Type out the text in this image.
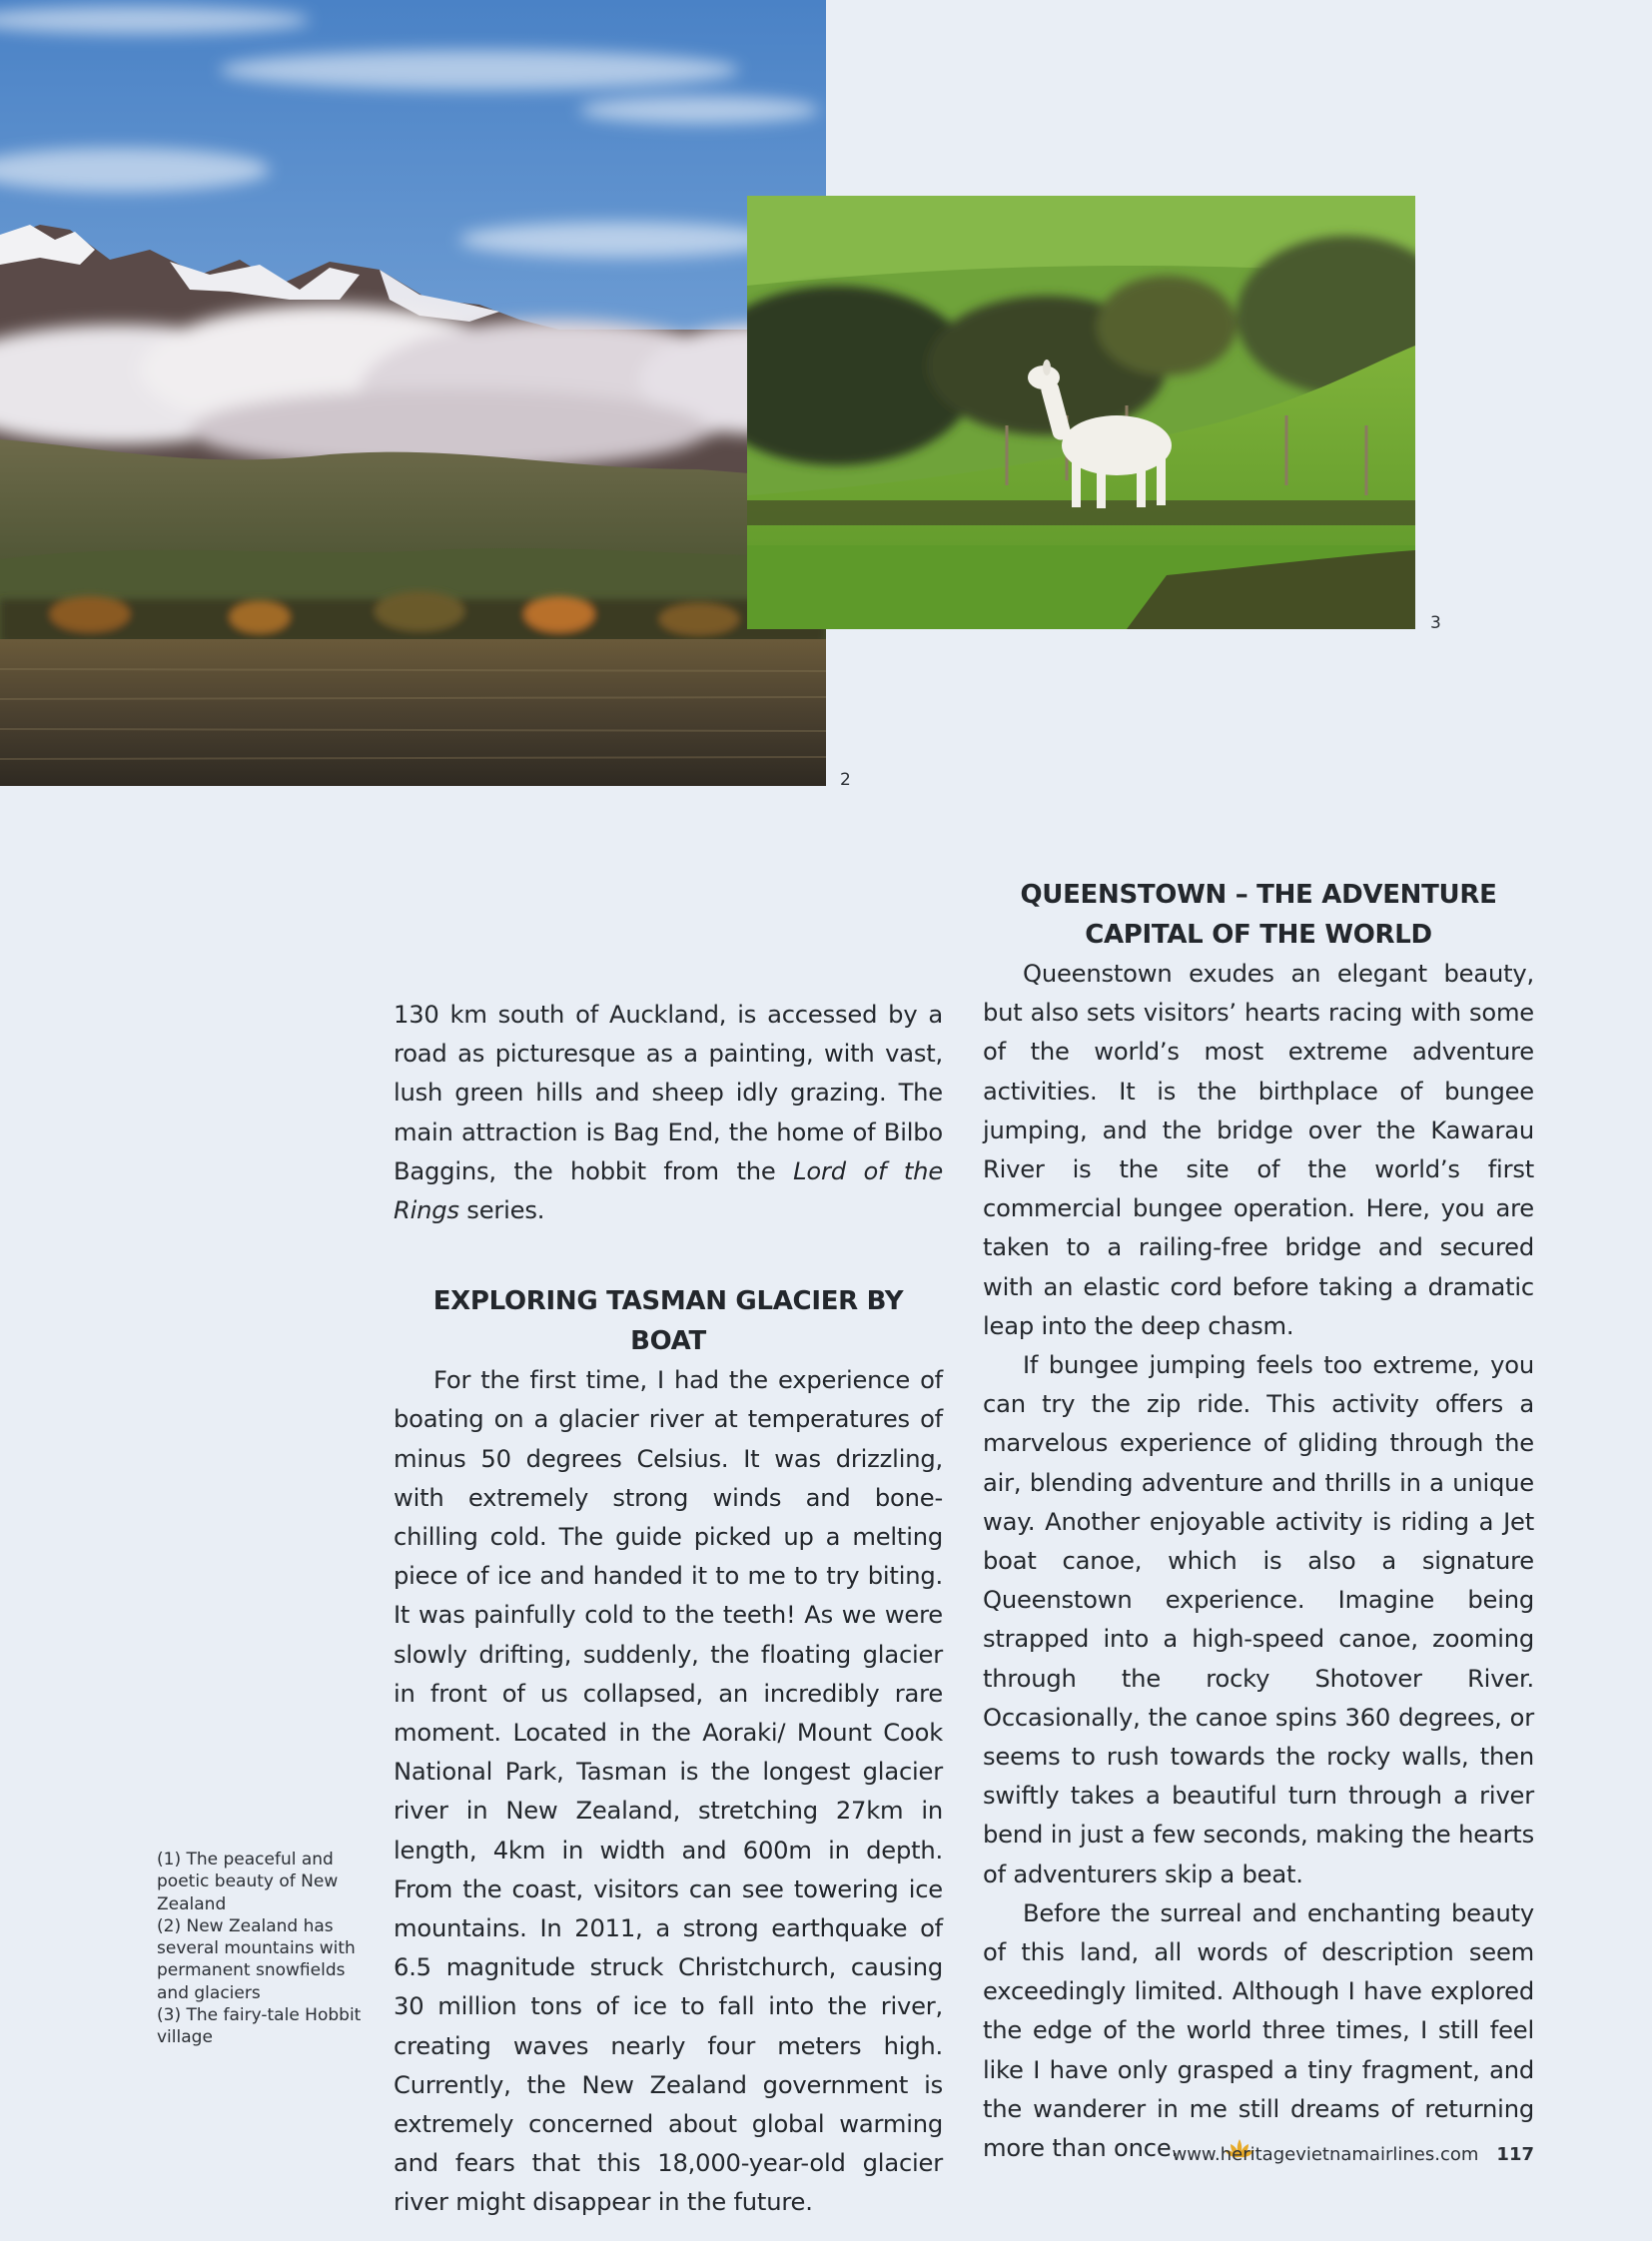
2
3

130 km south of Auckland, is accessed by a road as picturesque as a painting, with vast, lush green hills and sheep idly grazing. The main attraction is Bag End, the home of Bilbo Baggins, the hobbit from the Lord of the Rings series.

EXPLORING TASMAN GLACIER BY BOAT

For the first time, I had the experience of boating on a glacier river at temperatures of minus 50 degrees Celsius. It was drizzling, with extremely strong winds and bone-chilling cold. The guide picked up a melting piece of ice and handed it to me to try biting. It was painfully cold to the teeth! As we were slowly drifting, suddenly, the floating glacier in front of us collapsed, an incredibly rare moment. Located in the Aoraki/ Mount Cook National Park, Tasman is the longest glacier river in New Zealand, stretching 27km in length, 4km in width and 600m in depth. From the coast, visitors can see towering ice mountains. In 2011, a strong earthquake of 6.5 magnitude struck Christchurch, causing 30 million tons of ice to fall into the river, creating waves nearly four meters high. Currently, the New Zealand government is extremely concerned about global warming and fears that this 18,000-year-old glacier river might disappear in the future.

QUEENSTOWN – THE ADVENTURE
CAPITAL OF THE WORLD

Queenstown exudes an elegant beauty, but also sets visitors’ hearts racing with some of the world’s most extreme adventure activities. It is the birthplace of bungee jumping, and the bridge over the Kawarau River is the site of the world’s first commercial bungee operation. Here, you are taken to a railing-free bridge and secured with an elastic cord before taking a dramatic leap into the deep chasm.

If bungee jumping feels too extreme, you can try the zip ride. This activity offers a marvelous experience of gliding through the air, blending adventure and thrills in a unique way. Another enjoyable activity is riding a Jet boat canoe, which is also a signature Queenstown experience. Imagine being strapped into a high-speed canoe, zooming through the rocky Shotover River. Occasionally, the canoe spins 360 degrees, or seems to rush towards the rocky walls, then swiftly takes a beautiful turn through a river bend in just a few seconds, making the hearts of adventurers skip a beat.

Before the surreal and enchanting beauty of this land, all words of description seem exceedingly limited. Although I have explored the edge of the world three times, I still feel like I have only grasped a tiny fragment, and the wanderer in me still dreams of returning more than once.

(1) The peaceful and poetic beauty of New Zealand
(2) New Zealand has several mountains with permanent snowfields and glaciers
(3) The fairy-tale Hobbit village
www.heritagevietnamairlines.com 117
